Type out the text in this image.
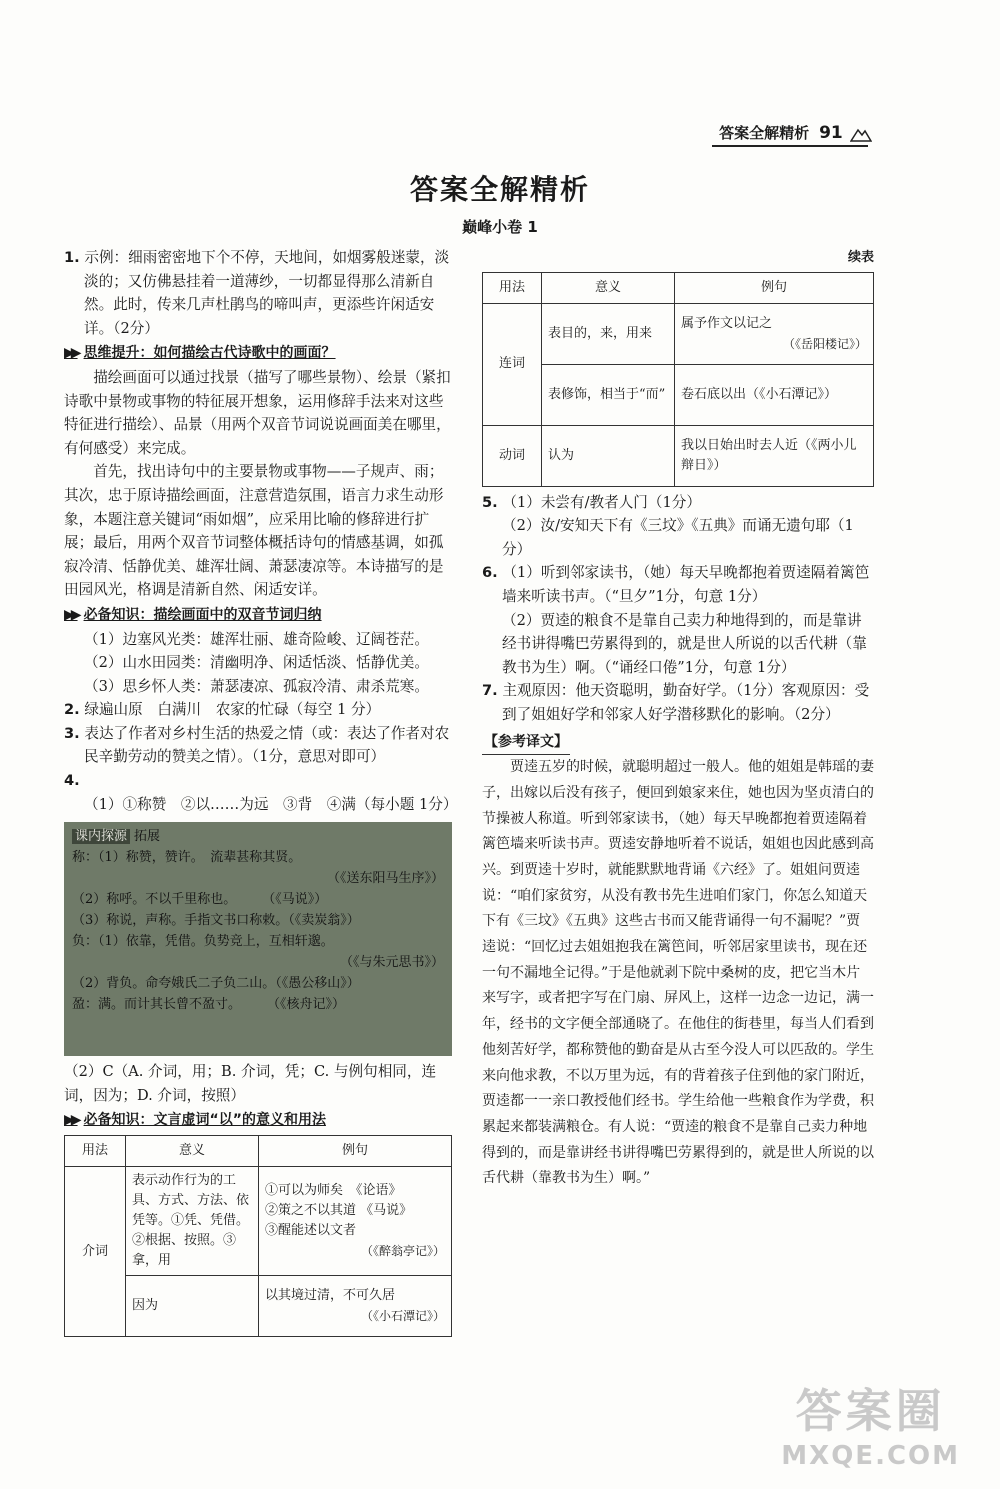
答案全解精析 91
答案全解精析
巅峰小卷 1

1. 示例：细雨密密地下个不停，天地间，如烟雾般迷蒙，淡淡的；又仿佛悬挂着一道薄纱，一切都显得那么清新自然。此时，传来几声杜鹃鸟的啼叫声，更添些许闲适安详。（2分）

▶▶ 思维提升：如何描绘古代诗歌中的画面？

描绘画面可以通过找景（描写了哪些景物）、绘景（紧扣诗歌中景物或事物的特征展开想象，运用修辞手法来对这些特征进行描绘）、品景（用两个双音节词说说画面美在哪里，有何感受）来完成。

首先，找出诗句中的主要景物或事物——子规声、雨；其次，忠于原诗描绘画面，注意营造氛围，语言力求生动形象，本题注意关键词“雨如烟”，应采用比喻的修辞进行扩展；最后，用两个双音节词整体概括诗句的情感基调，如孤寂冷清、恬静优美、雄浑壮阔、萧瑟凄凉等。本诗描写的是田园风光，格调是清新自然、闲适安详。

▶▶ 必备知识：描绘画面中的双音节词归纳

（1）边塞风光类：雄浑壮丽、雄奇险峻、辽阔苍茫。

（2）山水田园类：清幽明净、闲适恬淡、恬静优美。

（3）思乡怀人类：萧瑟凄凉、孤寂冷清、肃杀荒寒。

2. 绿遍山原　白满川　农家的忙碌（每空 1 分）

3. 表达了作者对乡村生活的热爱之情（或：表达了作者对农民辛勤劳动的赞美之情）。（1分，意思对即可）

4. （1）①称赞　②以……为远　③背　④满（每小题 1分）

课内探源 拓展

称：（1）称赞，赞许。　流辈甚称其贤。

（《送东阳马生序》）

（2）称呼。不以千里称也。　　　（《马说》）

（3）称说，声称。手指文书口称敕。（《卖炭翁》）

负：（1）依靠，凭借。负势竞上，互相轩邈。

（《与朱元思书》）

（2）背负。命夸娥氏二子负二山。（《愚公移山》）

盈：满。而计其长曾不盈寸。　　　（《核舟记》）

（2）C（A. 介词，用；B. 介词，凭；C. 与例句相同，连词，因为；D. 介词，按照）

▶▶ 必备知识：文言虚词“以”的意义和用法

用法	意义	例句
介词	表示动作行为的工具、方式、方法、依凭等。①凭、凭借。②根据、按照。③拿，用	①可以为师矣　《论语》
②策之不以其道 《马说》
③醒能述以文者
（《醉翁亭记》）

	因为	以其境过清，不可久居
（《小石潭记》）
续表
用法	意义	例句
连词	表目的，来，用来	属予作文以记之
（《岳阳楼记》）

	表修饰，相当于“而”	卷石底以出（《小石潭记》）
动词	认为	我以日始出时去人近（《两小儿辩日》）

5. （1）未尝有/教者人门（1分）

（2）汝/安知天下有《三坟》《五典》而诵无遗句耶（1分）

6. （1）听到邻家读书，（她）每天早晚都抱着贾逵隔着篱笆墙来听读书声。（“旦夕”1分，句意 1分）

（2）贾逵的粮食不是靠自己卖力种地得到的，而是靠讲经书讲得嘴巴劳累得到的，就是世人所说的以舌代耕（靠教书为生）啊。（“诵经口倦”1分，句意 1分）

7. 主观原因：他天资聪明，勤奋好学。（1分）客观原因：受到了姐姐好学和邻家人好学潜移默化的影响。（2分）

【参考译文】

贾逵五岁的时候，就聪明超过一般人。他的姐姐是韩瑶的妻子，出嫁以后没有孩子，便回到娘家来住，她也因为坚贞清白的节操被人称道。听到邻家读书，（她）每天早晚都抱着贾逵隔着篱笆墙来听读书声。贾逵安静地听着不说话，姐姐也因此感到高兴。到贾逵十岁时，就能默默地背诵《六经》了。姐姐问贾逵说：“咱们家贫穷，从没有教书先生进咱们家门，你怎么知道天下有《三坟》《五典》这些古书而又能背诵得一句不漏呢？”贾逵说：“回忆过去姐姐抱我在篱笆间，听邻居家里读书，现在还一句不漏地全记得。”于是他就剥下院中桑树的皮，把它当木片来写字，或者把字写在门扇、屏风上，这样一边念一边记，满一年，经书的文字便全部通晓了。在他住的街巷里，每当人们看到他刻苦好学，都称赞他的勤奋是从古至今没人可以匹敌的。学生来向他求教，不以万里为远，有的背着孩子住到他的家门附近，贾逵都一一亲口教授他们经书。学生给他一些粮食作为学费，积累起来都装满粮仓。有人说：“贾逵的粮食不是靠自己卖力种地得到的，而是靠讲经书讲得嘴巴劳累得到的，就是世人所说的以舌代耕（靠教书为生）啊。”

答案圈
MXQE.COM
